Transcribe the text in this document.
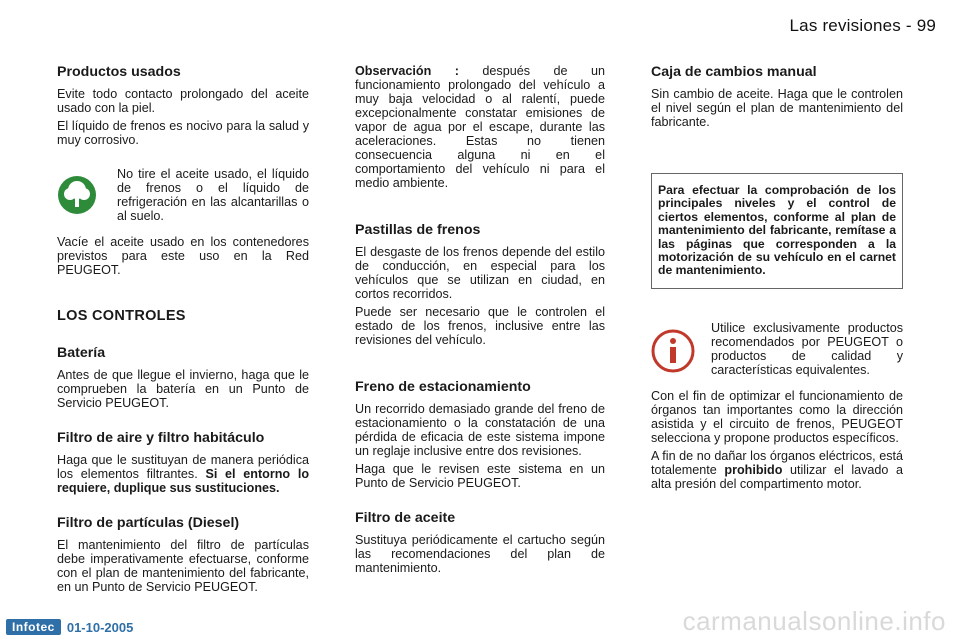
Las revisiones - 99
Productos usados

Evite todo contacto prolongado del aceite usado con la piel.

El líquido de frenos es nocivo para la salud y muy corrosivo.

No tire el aceite usado, el líquido de frenos o el líquido de refrigeración en las alcantarillas o al suelo.

Vacíe el aceite usado en los contenedores previstos para este uso en la Red PEUGEOT.

LOS CONTROLES
Batería

Antes de que llegue el invierno, haga que le comprueben la batería en un Punto de Servicio PEUGEOT.

Filtro de aire y filtro habitáculo

Haga que le sustituyan de manera periódica los elementos filtrantes. Si el entorno lo requiere, duplique sus sustituciones.

Filtro de partículas (Diesel)

El mantenimiento del filtro de partículas debe imperativamente efectuarse, conforme con el plan de mantenimiento del fabricante, en un Punto de Servicio PEUGEOT.

Observación : después de un funcionamiento prolongado del vehículo a muy baja velocidad o al ralentí, puede excepcionalmente constatar emisiones de vapor de agua por el escape, durante las aceleraciones. Estas no tienen consecuencia alguna ni en el comportamiento del vehículo ni para el medio ambiente.

Pastillas de frenos

El desgaste de los frenos depende del estilo de conducción, en especial para los vehículos que se utilizan en ciudad, en cortos recorridos.

Puede ser necesario que le controlen el estado de los frenos, inclusive entre las revisiones del vehículo.

Freno de estacionamiento

Un recorrido demasiado grande del freno de estacionamiento o la constatación de una pérdida de eficacia de este sistema impone un reglaje inclusive entre dos revisiones.

Haga que le revisen este sistema en un Punto de Servicio PEUGEOT.

Filtro de aceite

Sustituya periódicamente el cartucho según las recomendaciones del plan de mantenimiento.

Caja de cambios manual

Sin cambio de aceite. Haga que le controlen el nivel según el plan de mantenimiento del fabricante.

Para efectuar la comprobación de los principales niveles y el control de ciertos elementos, conforme al plan de mantenimiento del fabricante, remítase a las páginas que corresponden a la motorización de su vehículo en el carnet de mantenimiento.
Utilice exclusivamente productos recomendados por PEUGEOT o productos de calidad y características equivalentes.

Con el fin de optimizar el funcionamiento de órganos tan importantes como la dirección asistida y el circuito de frenos, PEUGEOT selecciona y propone productos específicos.

A fin de no dañar los órganos eléctricos, está totalemente prohibido utilizar el lavado a alta presión del compartimento motor.

Infotec 01-10-2005	carmanualsonline.info
